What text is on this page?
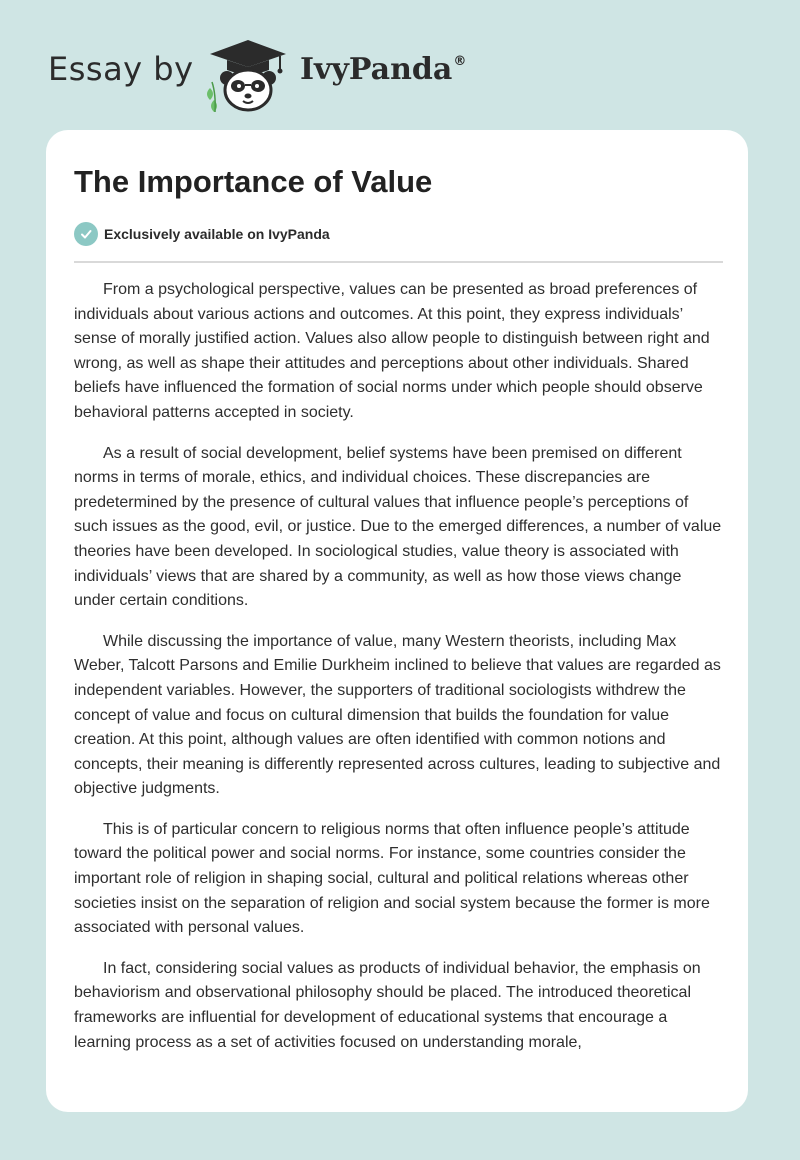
Essay by	IvyPanda®
The Importance of Value
Exclusively available on IvyPanda

From a psychological perspective, values can be presented as broad preferences of individuals about various actions and outcomes. At this point, they express individuals’ sense of morally justified action. Values also allow people to distinguish between right and wrong, as well as shape their attitudes and perceptions about other individuals. Shared beliefs have influenced the formation of social norms under which people should observe behavioral patterns accepted in society.

As a result of social development, belief systems have been premised on different norms in terms of morale, ethics, and individual choices. These discrepancies are predetermined by the presence of cultural values that influence people’s perceptions of such issues as the good, evil, or justice. Due to the emerged differences, a number of value theories have been developed. In sociological studies, value theory is associated with individuals’ views that are shared by a community, as well as how those views change under certain conditions.

While discussing the importance of value, many Western theorists, including Max Weber, Talcott Parsons and Emilie Durkheim inclined to believe that values are regarded as independent variables. However, the supporters of traditional sociologists withdrew the concept of value and focus on cultural dimension that builds the foundation for value creation. At this point, although values are often identified with common notions and concepts, their meaning is differently represented across cultures, leading to subjective and objective judgments.

This is of particular concern to religious norms that often influence people’s attitude toward the political power and social norms. For instance, some countries consider the important role of religion in shaping social, cultural and political relations whereas other societies insist on the separation of religion and social system because the former is more associated with personal values.

In fact, considering social values as products of individual behavior, the emphasis on behaviorism and observational philosophy should be placed. The introduced theoretical frameworks are influential for development of educational systems that encourage a learning process as a set of activities focused on understanding morale,
